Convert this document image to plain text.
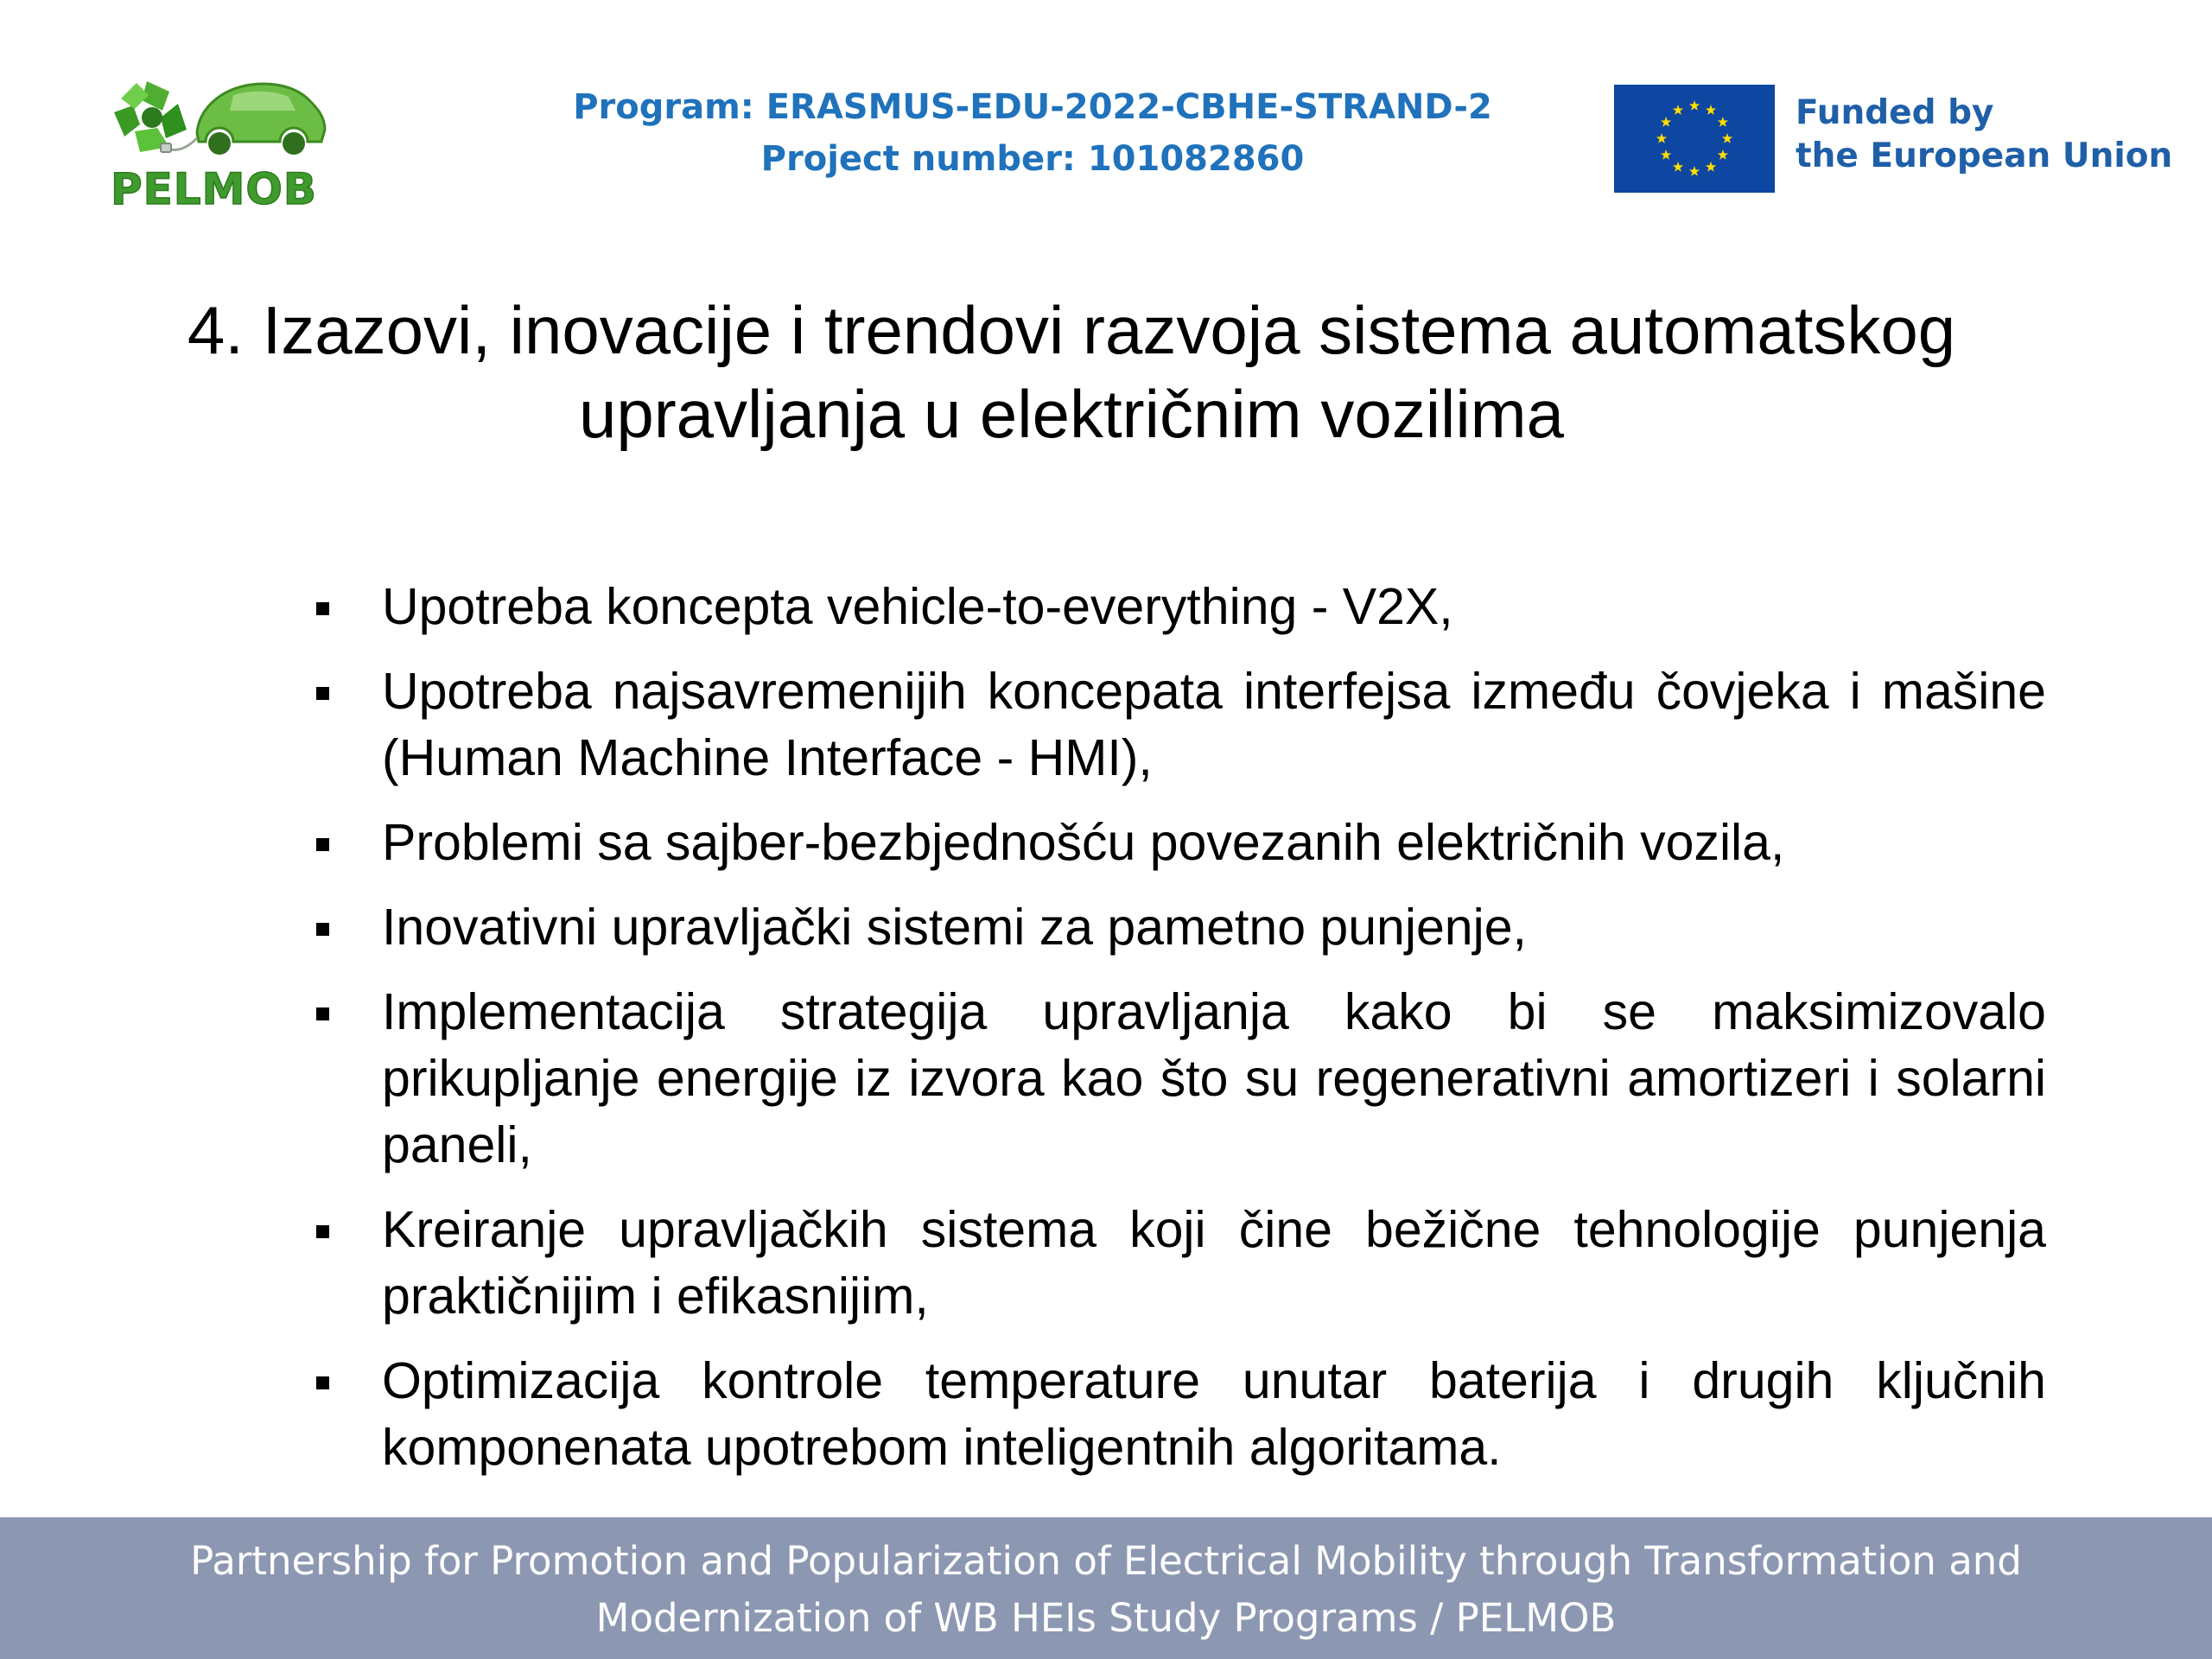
PELMOB
Program: ERASMUS-EDU-2022-CBHE-STRAND-2
Project number: 101082860
Funded by
the European Union
4. Izazovi, inovacije i trendovi razvoja sistema automatskog
upravljanja u električnim vozilima
Upotreba koncepta vehicle-to-everything - V2X,
Upotreba najsavremenijih koncepata interfejsa između čovjeka i mašine (Human Machine Interface - HMI),
Problemi sa sajber-bezbjednošću povezanih električnih vozila,
Inovativni upravljački sistemi za pametno punjenje,
Implementacija strategija upravljanja kako bi se maksimizovalo prikupljanje energije iz izvora kao što su regenerativni amortizeri i solarni paneli,
Kreiranje upravljačkih sistema koji čine bežične tehnologije punjenja praktičnijim i efikasnijim,
Optimizacija kontrole temperature unutar baterija i drugih ključnih komponenata upotrebom inteligentnih algoritama.
Partnership for Promotion and Popularization of Electrical Mobility through Transformation and
Modernization of WB HEIs Study Programs / PELMOB
